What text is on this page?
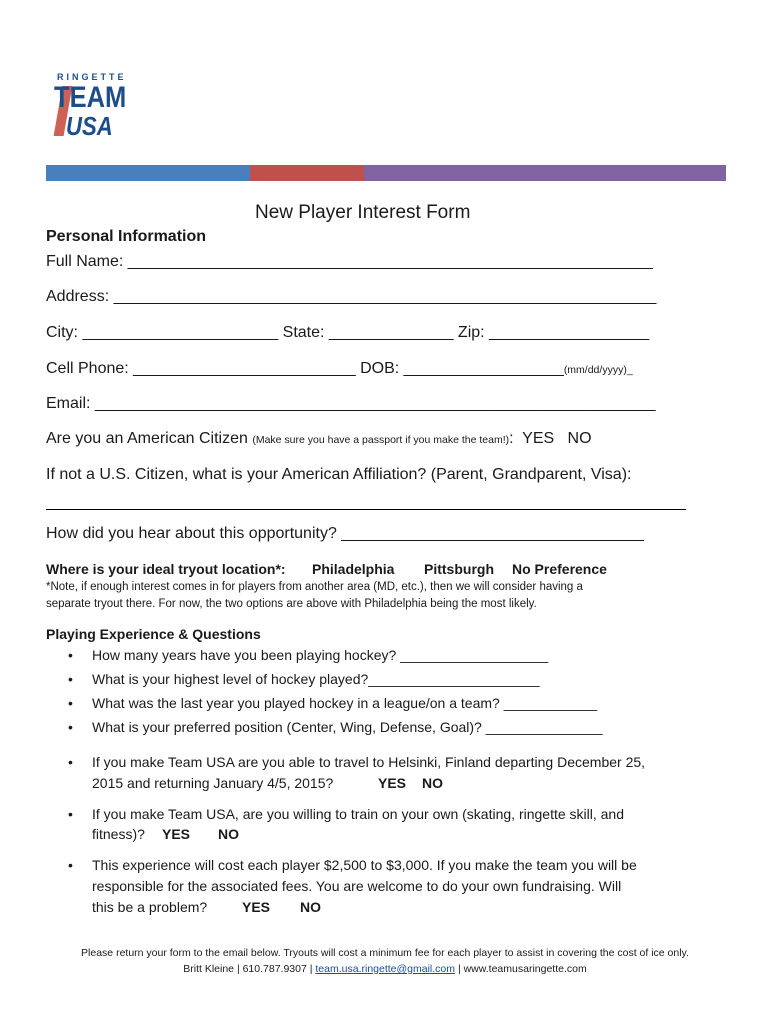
RINGETTE
TEAM
USA
New Player Interest Form
Personal Information
Full Name: ___________________________________________________________
Address: _____________________________________________________________
City: ______________________ State: ______________ Zip: __________________
Cell Phone: _________________________ DOB: __________________(mm/dd/yyyy)_
Email: _______________________________________________________________
Are you an American Citizen (Make sure you have a passport if you make the team!):  YES   NO
If not a U.S. Citizen, what is your American Affiliation? (Parent, Grandparent, Visa):
How did you hear about this opportunity? __________________________________
Where is your ideal tryout location*: Philadelphia Pittsburgh No Preference
*Note, if enough interest comes in for players from another area (MD, etc.), then we will consider having a
separate tryout there. For now, the two options are above with Philadelphia being the most likely.
Playing Experience & Questions
• How many years have you been playing hockey? ___________________
• What is your highest level of hockey played?______________________
• What was the last year you played hockey in a league/on a team? ____________
• What is your preferred position (Center, Wing, Defense, Goal)? _______________
• If you make Team USA are you able to travel to Helsinki, Finland departing December 25,
2015 and returning January 4/5, 2015?	YES NO
• If you make Team USA, are you willing to train on your own (skating, ringette skill, and
fitness)? YES NO
• This experience will cost each player $2,500 to $3,000. If you make the team you will be
responsible for the associated fees. You are welcome to do your own fundraising. Will
this be a problem? YES NO
Please return your form to the email below. Tryouts will cost a minimum fee for each player to assist in covering the cost of ice only.
Britt Kleine | 610.787.9307 | team.usa.ringette@gmail.com | www.teamusaringette.com
